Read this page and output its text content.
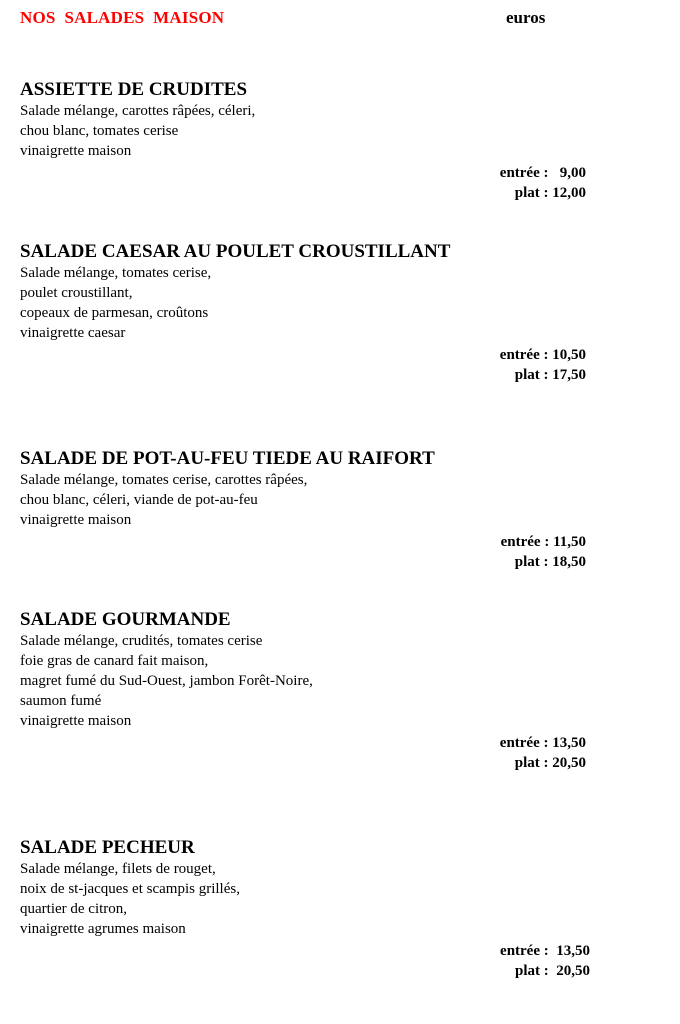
NOS  SALADES  MAISON	euros
ASSIETTE DE CRUDITES
Salade mélange, carottes râpées, céleri,
chou blanc, tomates cerise
vinaigrette maison
entrée :   9,00
plat : 12,00
SALADE CAESAR AU POULET CROUSTILLANT
Salade mélange, tomates cerise,
poulet croustillant,
copeaux de parmesan, croûtons
vinaigrette caesar
entrée : 10,50
plat : 17,50
SALADE DE POT-AU-FEU TIEDE AU RAIFORT
Salade mélange, tomates cerise, carottes râpées,
chou blanc, céleri, viande de pot-au-feu
vinaigrette maison
entrée : 11,50
plat : 18,50
SALADE GOURMANDE
Salade mélange, crudités, tomates cerise
foie gras de canard fait maison,
magret fumé du Sud-Ouest, jambon Forêt-Noire,
saumon fumé
vinaigrette maison
entrée : 13,50
plat : 20,50
SALADE PECHEUR
Salade mélange, filets de rouget,
noix de st-jacques et scampis grillés,
quartier de citron,
vinaigrette agrumes maison
entrée :  13,50
plat :  20,50
